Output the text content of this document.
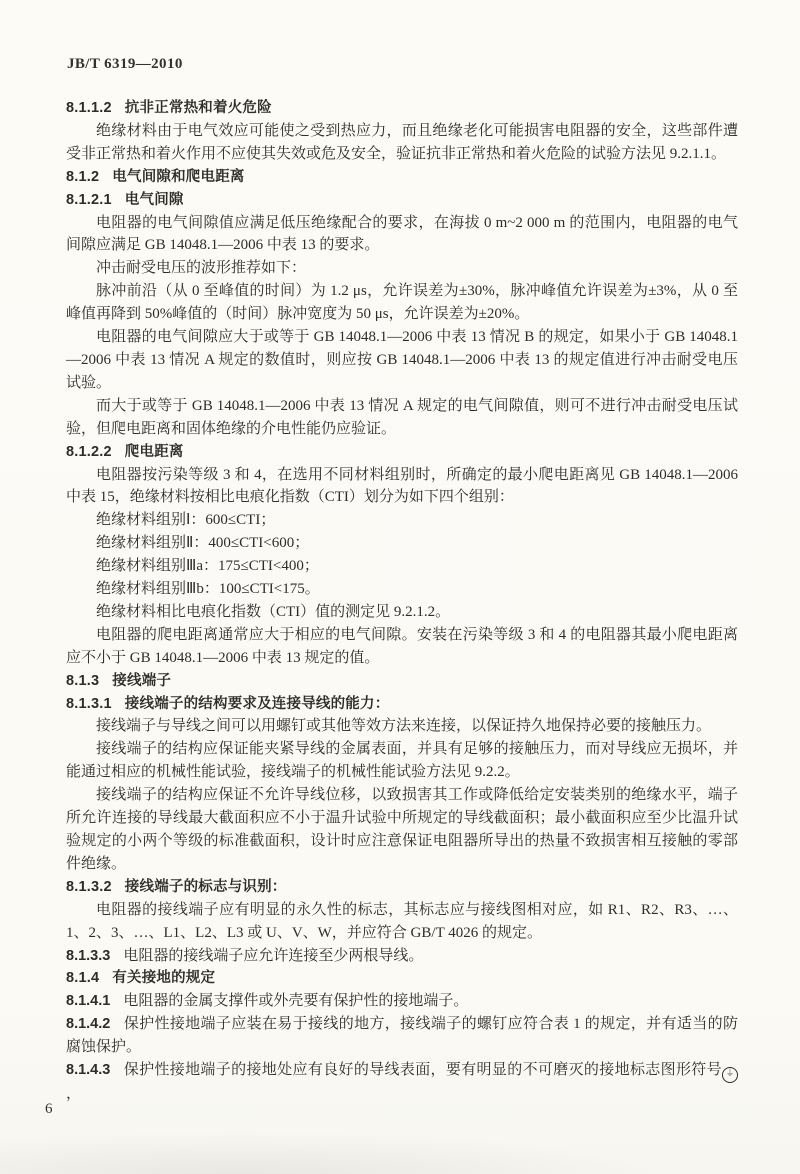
JB/T 6319—2010
8.1.1.2 抗非正常热和着火危险

绝缘材料由于电气效应可能使之受到热应力，而且绝缘老化可能损害电阻器的安全，这些部件遭受非正常热和着火作用不应使其失效或危及安全，验证抗非正常热和着火危险的试验方法见 9.2.1.1。

8.1.2 电气间隙和爬电距离
8.1.2.1 电气间隙

电阻器的电气间隙值应满足低压绝缘配合的要求，在海拔 0 m~2 000 m 的范围内，电阻器的电气间隙应满足 GB 14048.1—2006 中表 13 的要求。

冲击耐受电压的波形推荐如下：

脉冲前沿（从 0 至峰值的时间）为 1.2 μs，允许误差为±30%，脉冲峰值允许误差为±3%，从 0 至峰值再降到 50%峰值的（时间）脉冲宽度为 50 μs，允许误差为±20%。

电阻器的电气间隙应大于或等于 GB 14048.1—2006 中表 13 情况 B 的规定，如果小于 GB 14048.1—2006 中表 13 情况 A 规定的数值时，则应按 GB 14048.1—2006 中表 13 的规定值进行冲击耐受电压试验。

而大于或等于 GB 14048.1—2006 中表 13 情况 A 规定的电气间隙值，则可不进行冲击耐受电压试验，但爬电距离和固体绝缘的介电性能仍应验证。

8.1.2.2 爬电距离

电阻器按污染等级 3 和 4，在选用不同材料组别时，所确定的最小爬电距离见 GB 14048.1—2006 中表 15，绝缘材料按相比电痕化指数（CTI）划分为如下四个组别：

绝缘材料组别Ⅰ：600≤CTI；

绝缘材料组别Ⅱ：400≤CTI<600；

绝缘材料组别Ⅲa：175≤CTI<400；

绝缘材料组别Ⅲb：100≤CTI<175。

绝缘材料相比电痕化指数（CTI）值的测定见 9.2.1.2。

电阻器的爬电距离通常应大于相应的电气间隙。安装在污染等级 3 和 4 的电阻器其最小爬电距离应不小于 GB 14048.1—2006 中表 13 规定的值。

8.1.3 接线端子
8.1.3.1 接线端子的结构要求及连接导线的能力：

接线端子与导线之间可以用螺钉或其他等效方法来连接，以保证持久地保持必要的接触压力。

接线端子的结构应保证能夹紧导线的金属表面，并具有足够的接触压力，而对导线应无损坏，并能通过相应的机械性能试验，接线端子的机械性能试验方法见 9.2.2。

接线端子的结构应保证不允许导线位移，以致损害其工作或降低给定安装类别的绝缘水平，端子所允许连接的导线最大截面积应不小于温升试验中所规定的导线截面积；最小截面积应至少比温升试验规定的小两个等级的标准截面积，设计时应注意保证电阻器所导出的热量不致损害相互接触的零部件绝缘。

8.1.3.2 接线端子的标志与识别：

电阻器的接线端子应有明显的永久性的标志，其标志应与接线图相对应，如 R1、R2、R3、…、1、2、3、…、L1、L2、L3 或 U、V、W，并应符合 GB/T 4026 的规定。

8.1.3.3 电阻器的接线端子应允许连接至少两根导线。

8.1.4 有关接地的规定

8.1.4.1 电阻器的金属支撑件或外壳要有保护性的接地端子。

8.1.4.2 保护性接地端子应装在易于接线的地方，接线端子的螺钉应符合表 1 的规定，并有适当的防腐蚀保护。

8.1.4.3 保护性接地端子的接地处应有良好的导线表面，要有明显的不可磨灭的接地标志图形符号 ⏚
，

6
